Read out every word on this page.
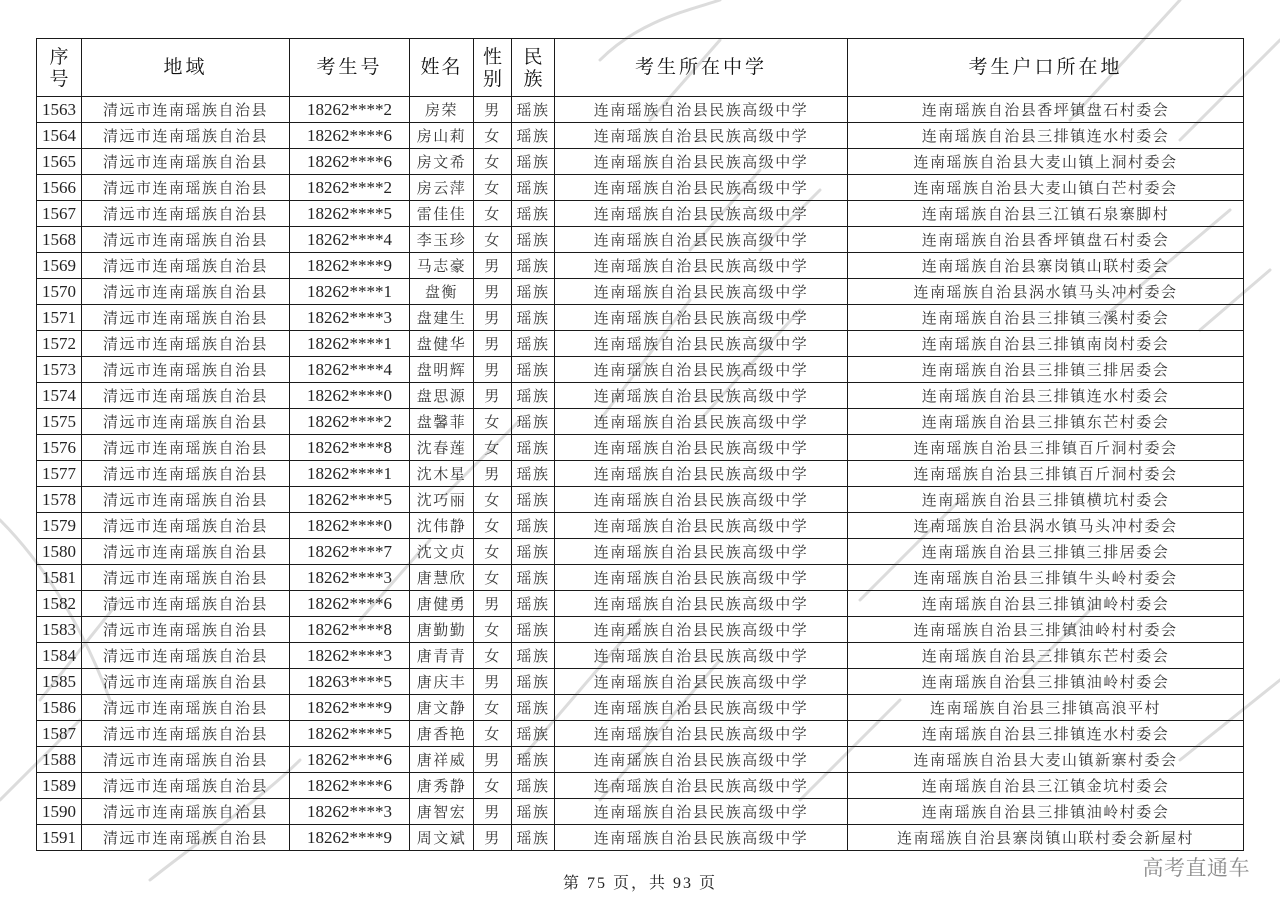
序号	地域	考生号	姓名	性别	民族	考生所在中学	考生户口所在地
1563	清远市连南瑶族自治县	18262****2	房荣	男	瑶族	连南瑶族自治县民族高级中学	连南瑶族自治县香坪镇盘石村委会
1564	清远市连南瑶族自治县	18262****6	房山莉	女	瑶族	连南瑶族自治县民族高级中学	连南瑶族自治县三排镇连水村委会
1565	清远市连南瑶族自治县	18262****6	房文希	女	瑶族	连南瑶族自治县民族高级中学	连南瑶族自治县大麦山镇上洞村委会
1566	清远市连南瑶族自治县	18262****2	房云萍	女	瑶族	连南瑶族自治县民族高级中学	连南瑶族自治县大麦山镇白芒村委会
1567	清远市连南瑶族自治县	18262****5	雷佳佳	女	瑶族	连南瑶族自治县民族高级中学	连南瑶族自治县三江镇石泉寨脚村
1568	清远市连南瑶族自治县	18262****4	李玉珍	女	瑶族	连南瑶族自治县民族高级中学	连南瑶族自治县香坪镇盘石村委会
1569	清远市连南瑶族自治县	18262****9	马志豪	男	瑶族	连南瑶族自治县民族高级中学	连南瑶族自治县寨岗镇山联村委会
1570	清远市连南瑶族自治县	18262****1	盘衡	男	瑶族	连南瑶族自治县民族高级中学	连南瑶族自治县涡水镇马头冲村委会
1571	清远市连南瑶族自治县	18262****3	盘建生	男	瑶族	连南瑶族自治县民族高级中学	连南瑶族自治县三排镇三溪村委会
1572	清远市连南瑶族自治县	18262****1	盘健华	男	瑶族	连南瑶族自治县民族高级中学	连南瑶族自治县三排镇南岗村委会
1573	清远市连南瑶族自治县	18262****4	盘明辉	男	瑶族	连南瑶族自治县民族高级中学	连南瑶族自治县三排镇三排居委会
1574	清远市连南瑶族自治县	18262****0	盘思源	男	瑶族	连南瑶族自治县民族高级中学	连南瑶族自治县三排镇连水村委会
1575	清远市连南瑶族自治县	18262****2	盘馨菲	女	瑶族	连南瑶族自治县民族高级中学	连南瑶族自治县三排镇东芒村委会
1576	清远市连南瑶族自治县	18262****8	沈春莲	女	瑶族	连南瑶族自治县民族高级中学	连南瑶族自治县三排镇百斤洞村委会
1577	清远市连南瑶族自治县	18262****1	沈木星	男	瑶族	连南瑶族自治县民族高级中学	连南瑶族自治县三排镇百斤洞村委会
1578	清远市连南瑶族自治县	18262****5	沈巧丽	女	瑶族	连南瑶族自治县民族高级中学	连南瑶族自治县三排镇横坑村委会
1579	清远市连南瑶族自治县	18262****0	沈伟静	女	瑶族	连南瑶族自治县民族高级中学	连南瑶族自治县涡水镇马头冲村委会
1580	清远市连南瑶族自治县	18262****7	沈文贞	女	瑶族	连南瑶族自治县民族高级中学	连南瑶族自治县三排镇三排居委会
1581	清远市连南瑶族自治县	18262****3	唐慧欣	女	瑶族	连南瑶族自治县民族高级中学	连南瑶族自治县三排镇牛头岭村委会
1582	清远市连南瑶族自治县	18262****6	唐健勇	男	瑶族	连南瑶族自治县民族高级中学	连南瑶族自治县三排镇油岭村委会
1583	清远市连南瑶族自治县	18262****8	唐勤勤	女	瑶族	连南瑶族自治县民族高级中学	连南瑶族自治县三排镇油岭村村委会
1584	清远市连南瑶族自治县	18262****3	唐青青	女	瑶族	连南瑶族自治县民族高级中学	连南瑶族自治县三排镇东芒村委会
1585	清远市连南瑶族自治县	18263****5	唐庆丰	男	瑶族	连南瑶族自治县民族高级中学	连南瑶族自治县三排镇油岭村委会
1586	清远市连南瑶族自治县	18262****9	唐文静	女	瑶族	连南瑶族自治县民族高级中学	连南瑶族自治县三排镇高浪平村
1587	清远市连南瑶族自治县	18262****5	唐香艳	女	瑶族	连南瑶族自治县民族高级中学	连南瑶族自治县三排镇连水村委会
1588	清远市连南瑶族自治县	18262****6	唐祥威	男	瑶族	连南瑶族自治县民族高级中学	连南瑶族自治县大麦山镇新寨村委会
1589	清远市连南瑶族自治县	18262****6	唐秀静	女	瑶族	连南瑶族自治县民族高级中学	连南瑶族自治县三江镇金坑村委会
1590	清远市连南瑶族自治县	18262****3	唐智宏	男	瑶族	连南瑶族自治县民族高级中学	连南瑶族自治县三排镇油岭村委会
1591	清远市连南瑶族自治县	18262****9	周文斌	男	瑶族	连南瑶族自治县民族高级中学	连南瑶族自治县寨岗镇山联村委会新屋村
第 75 页，共 93 页
高考直通车
